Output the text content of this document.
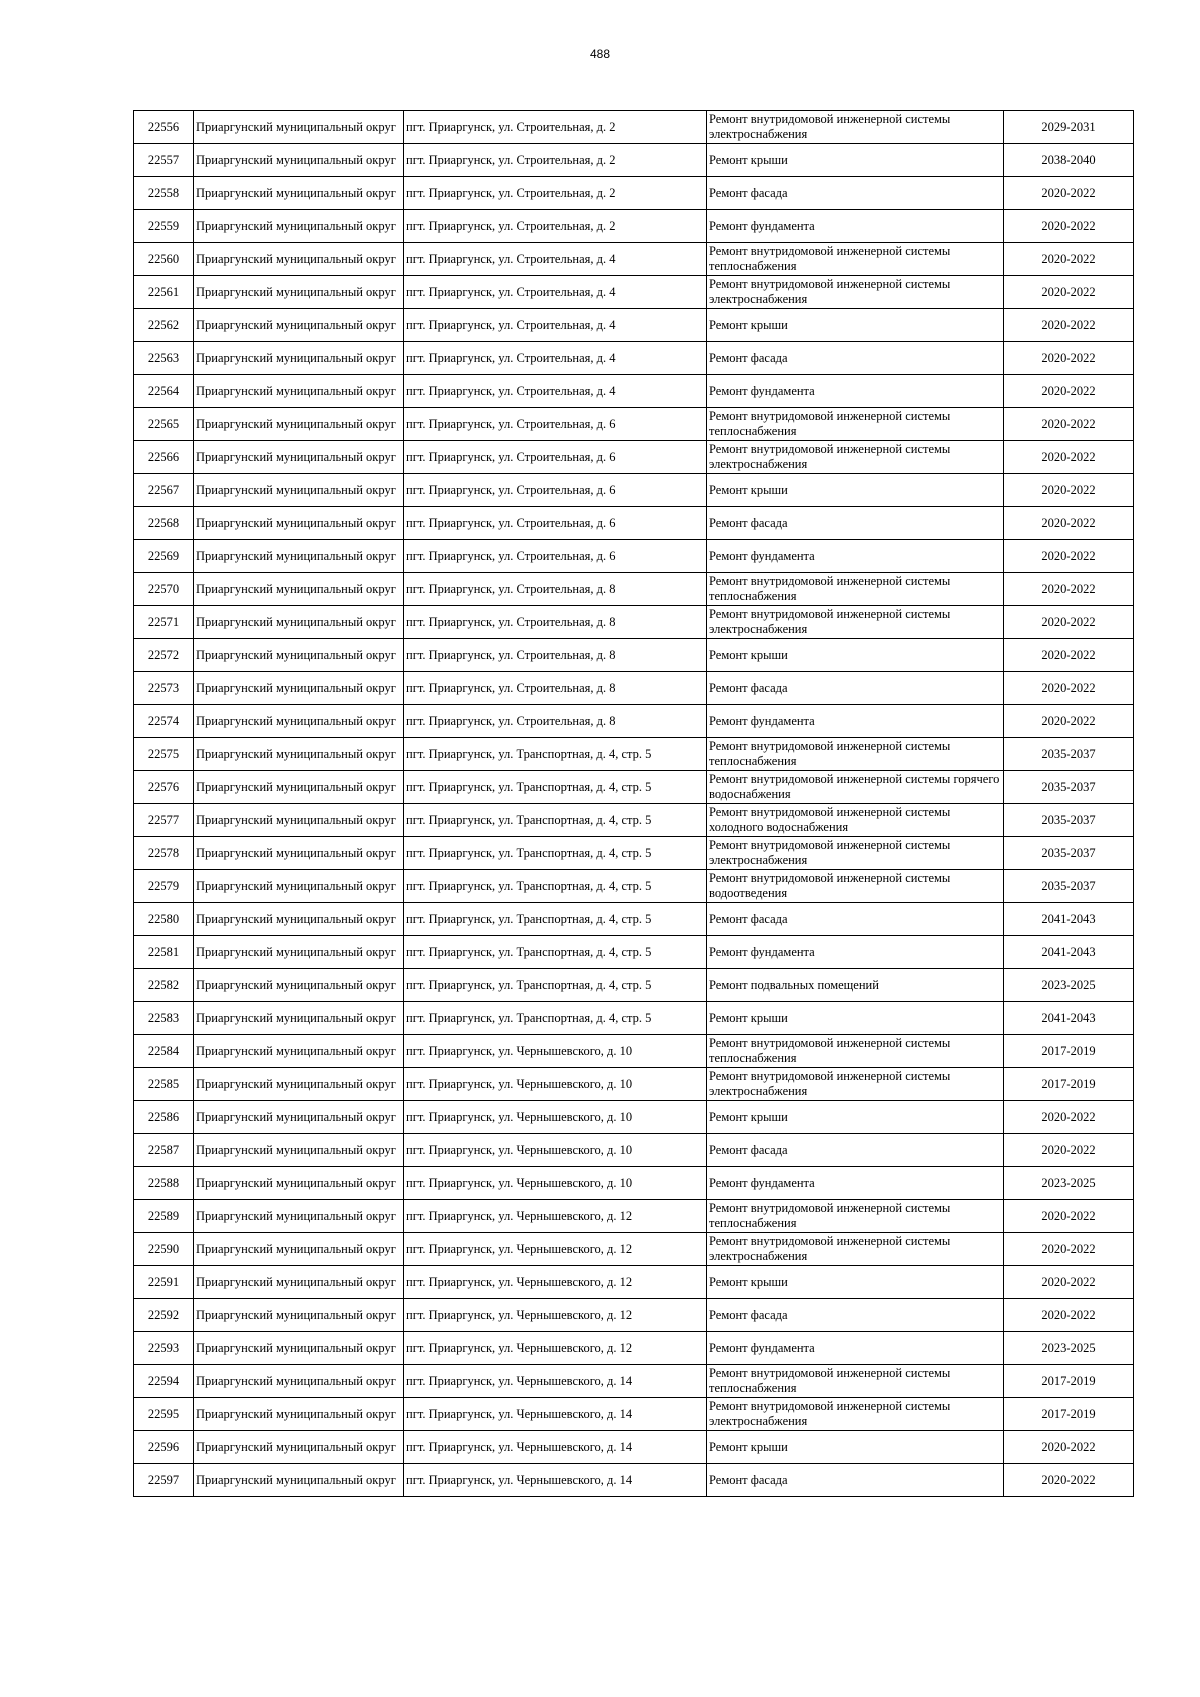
488
22556	Приаргунский муниципальный округ	пгт. Приаргунск, ул. Строительная, д. 2	Ремонт внутридомовой инженерной системы электроснабжения	2029-2031
22557	Приаргунский муниципальный округ	пгт. Приаргунск, ул. Строительная, д. 2	Ремонт крыши	2038-2040
22558	Приаргунский муниципальный округ	пгт. Приаргунск, ул. Строительная, д. 2	Ремонт фасада	2020-2022
22559	Приаргунский муниципальный округ	пгт. Приаргунск, ул. Строительная, д. 2	Ремонт фундамента	2020-2022
22560	Приаргунский муниципальный округ	пгт. Приаргунск, ул. Строительная, д. 4	Ремонт внутридомовой инженерной системы теплоснабжения	2020-2022
22561	Приаргунский муниципальный округ	пгт. Приаргунск, ул. Строительная, д. 4	Ремонт внутридомовой инженерной системы электроснабжения	2020-2022
22562	Приаргунский муниципальный округ	пгт. Приаргунск, ул. Строительная, д. 4	Ремонт крыши	2020-2022
22563	Приаргунский муниципальный округ	пгт. Приаргунск, ул. Строительная, д. 4	Ремонт фасада	2020-2022
22564	Приаргунский муниципальный округ	пгт. Приаргунск, ул. Строительная, д. 4	Ремонт фундамента	2020-2022
22565	Приаргунский муниципальный округ	пгт. Приаргунск, ул. Строительная, д. 6	Ремонт внутридомовой инженерной системы теплоснабжения	2020-2022
22566	Приаргунский муниципальный округ	пгт. Приаргунск, ул. Строительная, д. 6	Ремонт внутридомовой инженерной системы электроснабжения	2020-2022
22567	Приаргунский муниципальный округ	пгт. Приаргунск, ул. Строительная, д. 6	Ремонт крыши	2020-2022
22568	Приаргунский муниципальный округ	пгт. Приаргунск, ул. Строительная, д. 6	Ремонт фасада	2020-2022
22569	Приаргунский муниципальный округ	пгт. Приаргунск, ул. Строительная, д. 6	Ремонт фундамента	2020-2022
22570	Приаргунский муниципальный округ	пгт. Приаргунск, ул. Строительная, д. 8	Ремонт внутридомовой инженерной системы теплоснабжения	2020-2022
22571	Приаргунский муниципальный округ	пгт. Приаргунск, ул. Строительная, д. 8	Ремонт внутридомовой инженерной системы электроснабжения	2020-2022
22572	Приаргунский муниципальный округ	пгт. Приаргунск, ул. Строительная, д. 8	Ремонт крыши	2020-2022
22573	Приаргунский муниципальный округ	пгт. Приаргунск, ул. Строительная, д. 8	Ремонт фасада	2020-2022
22574	Приаргунский муниципальный округ	пгт. Приаргунск, ул. Строительная, д. 8	Ремонт фундамента	2020-2022
22575	Приаргунский муниципальный округ	пгт. Приаргунск, ул. Транспортная, д. 4, стр. 5	Ремонт внутридомовой инженерной системы теплоснабжения	2035-2037
22576	Приаргунский муниципальный округ	пгт. Приаргунск, ул. Транспортная, д. 4, стр. 5	Ремонт внутридомовой инженерной системы горячего водоснабжения	2035-2037
22577	Приаргунский муниципальный округ	пгт. Приаргунск, ул. Транспортная, д. 4, стр. 5	Ремонт внутридомовой инженерной системы холодного водоснабжения	2035-2037
22578	Приаргунский муниципальный округ	пгт. Приаргунск, ул. Транспортная, д. 4, стр. 5	Ремонт внутридомовой инженерной системы электроснабжения	2035-2037
22579	Приаргунский муниципальный округ	пгт. Приаргунск, ул. Транспортная, д. 4, стр. 5	Ремонт внутридомовой инженерной системы водоотведения	2035-2037
22580	Приаргунский муниципальный округ	пгт. Приаргунск, ул. Транспортная, д. 4, стр. 5	Ремонт фасада	2041-2043
22581	Приаргунский муниципальный округ	пгт. Приаргунск, ул. Транспортная, д. 4, стр. 5	Ремонт фундамента	2041-2043
22582	Приаргунский муниципальный округ	пгт. Приаргунск, ул. Транспортная, д. 4, стр. 5	Ремонт подвальных помещений	2023-2025
22583	Приаргунский муниципальный округ	пгт. Приаргунск, ул. Транспортная, д. 4, стр. 5	Ремонт крыши	2041-2043
22584	Приаргунский муниципальный округ	пгт. Приаргунск, ул. Чернышевского, д. 10	Ремонт внутридомовой инженерной системы теплоснабжения	2017-2019
22585	Приаргунский муниципальный округ	пгт. Приаргунск, ул. Чернышевского, д. 10	Ремонт внутридомовой инженерной системы электроснабжения	2017-2019
22586	Приаргунский муниципальный округ	пгт. Приаргунск, ул. Чернышевского, д. 10	Ремонт крыши	2020-2022
22587	Приаргунский муниципальный округ	пгт. Приаргунск, ул. Чернышевского, д. 10	Ремонт фасада	2020-2022
22588	Приаргунский муниципальный округ	пгт. Приаргунск, ул. Чернышевского, д. 10	Ремонт фундамента	2023-2025
22589	Приаргунский муниципальный округ	пгт. Приаргунск, ул. Чернышевского, д. 12	Ремонт внутридомовой инженерной системы теплоснабжения	2020-2022
22590	Приаргунский муниципальный округ	пгт. Приаргунск, ул. Чернышевского, д. 12	Ремонт внутридомовой инженерной системы электроснабжения	2020-2022
22591	Приаргунский муниципальный округ	пгт. Приаргунск, ул. Чернышевского, д. 12	Ремонт крыши	2020-2022
22592	Приаргунский муниципальный округ	пгт. Приаргунск, ул. Чернышевского, д. 12	Ремонт фасада	2020-2022
22593	Приаргунский муниципальный округ	пгт. Приаргунск, ул. Чернышевского, д. 12	Ремонт фундамента	2023-2025
22594	Приаргунский муниципальный округ	пгт. Приаргунск, ул. Чернышевского, д. 14	Ремонт внутридомовой инженерной системы теплоснабжения	2017-2019
22595	Приаргунский муниципальный округ	пгт. Приаргунск, ул. Чернышевского, д. 14	Ремонт внутридомовой инженерной системы электроснабжения	2017-2019
22596	Приаргунский муниципальный округ	пгт. Приаргунск, ул. Чернышевского, д. 14	Ремонт крыши	2020-2022
22597	Приаргунский муниципальный округ	пгт. Приаргунск, ул. Чернышевского, д. 14	Ремонт фасада	2020-2022
